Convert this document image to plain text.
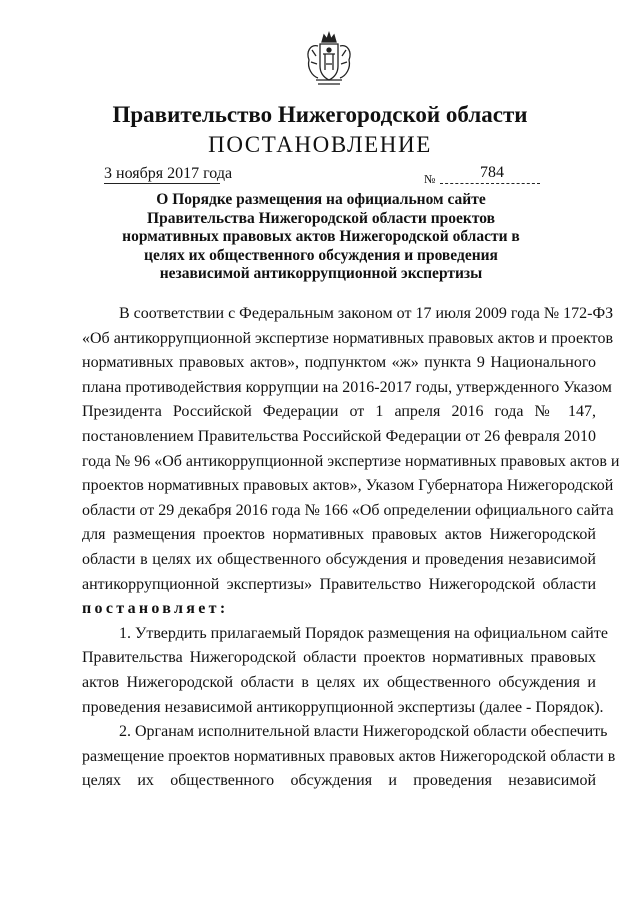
Правительство Нижегородской области
ПОСТАНОВЛЕНИЕ
3 ноября 2017 года	№	784
О Порядке размещения на официальном сайте
Правительства Нижегородской области проектов
нормативных правовых актов Нижегородской области в
целях их общественного обсуждения и проведения
независимой антикоррупционной экспертизы
В соответствии с Федеральным законом от 17 июля 2009 года № 172-ФЗ
«Об антикоррупционной экспертизе нормативных правовых актов и проектов
нормативных правовых актов», подпунктом «ж» пункта 9 Национального
плана противодействия коррупции на 2016-2017 годы, утвержденного Указом
Президента Российской Федерации от 1 апреля 2016 года № 147,
постановлением Правительства Российской Федерации от 26 февраля 2010
года № 96 «Об антикоррупционной экспертизе нормативных правовых актов и
проектов нормативных правовых актов», Указом Губернатора Нижегородской
области от 29 декабря 2016 года № 166 «Об определении официального сайта
для размещения проектов нормативных правовых актов Нижегородской
области в целях их общественного обсуждения и проведения независимой
антикоррупционной экспертизы» Правительство Нижегородской области
постановляет:
1. Утвердить прилагаемый Порядок размещения на официальном сайте
Правительства Нижегородской области проектов нормативных правовых
актов Нижегородской области в целях их общественного обсуждения и
проведения независимой антикоррупционной экспертизы (далее - Порядок).
2. Органам исполнительной власти Нижегородской области обеспечить
размещение проектов нормативных правовых актов Нижегородской области в
целях их общественного обсуждения и проведения независимой
